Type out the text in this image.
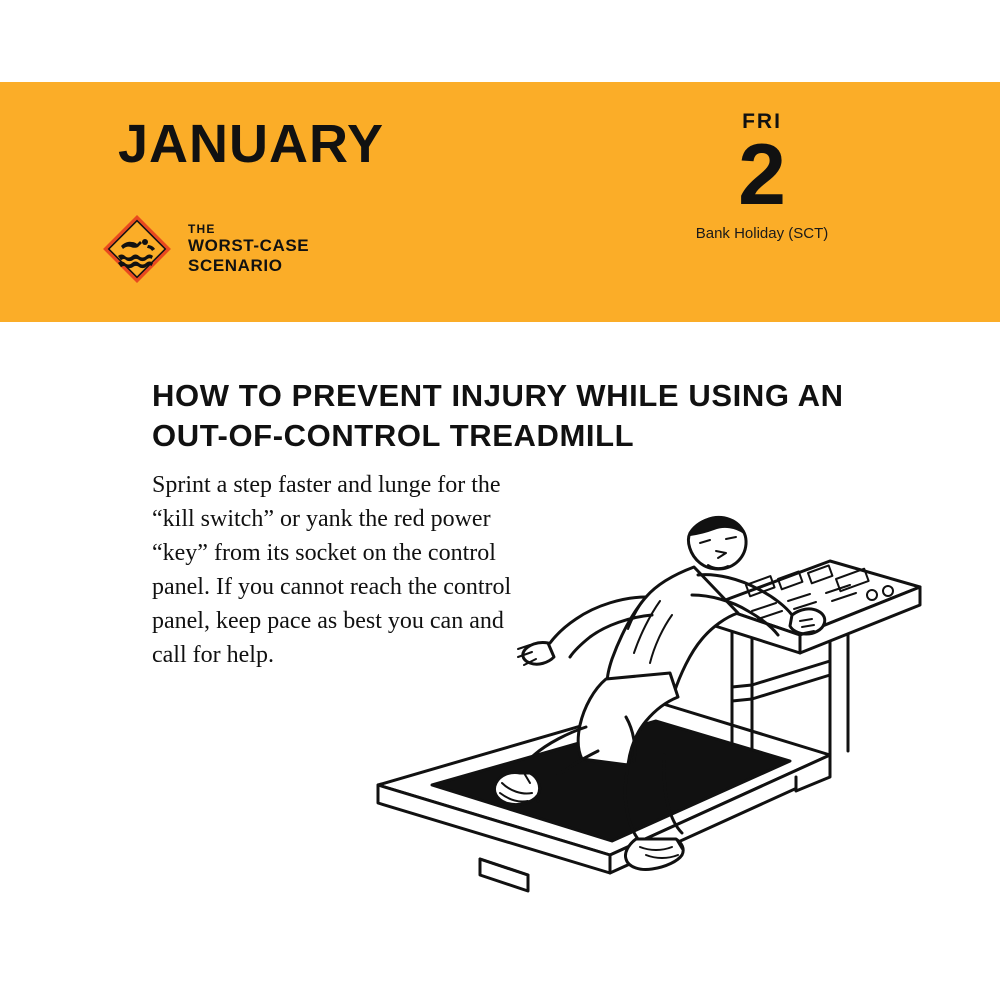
JANUARY
THE
WORST-CASE
SCENARIO
FRI
2
Bank Holiday (SCT)
HOW TO PREVENT INJURY WHILE USING AN OUT-OF-CONTROL TREADMILL
Sprint a step faster and lunge for the “kill switch” or yank the red power “key” from its socket on the control panel. If you cannot reach the control panel, keep pace as best you can and call for help.
